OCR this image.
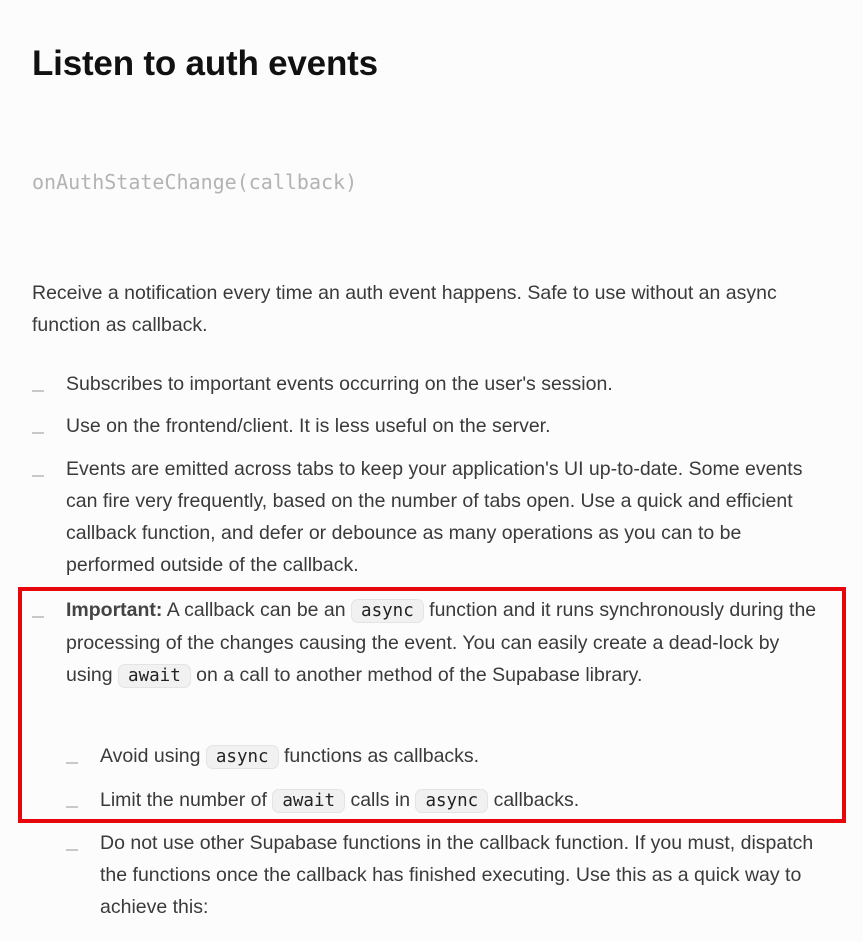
Listen to auth events
onAuthStateChange(callback)

Receive a notification every time an auth event happens. Safe to use without an async function as callback.

Subscribes to important events occurring on the user's session.
Use on the frontend/client. It is less useful on the server.
Events are emitted across tabs to keep your application's UI up-to-date. Some events can fire very frequently, based on the number of tabs open. Use a quick and efficient callback function, and defer or debounce as many operations as you can to be performed outside of the callback.
Important: A callback can be an async function and it runs synchronously during the processing of the changes causing the event. You can easily create a dead-lock by using await on a call to another method of the Supabase library.
Avoid using async functions as callbacks.
Limit the number of await calls in async callbacks.
Do not use other Supabase functions in the callback function. If you must, dispatch the functions once the callback has finished executing. Use this as a quick way to achieve this:
